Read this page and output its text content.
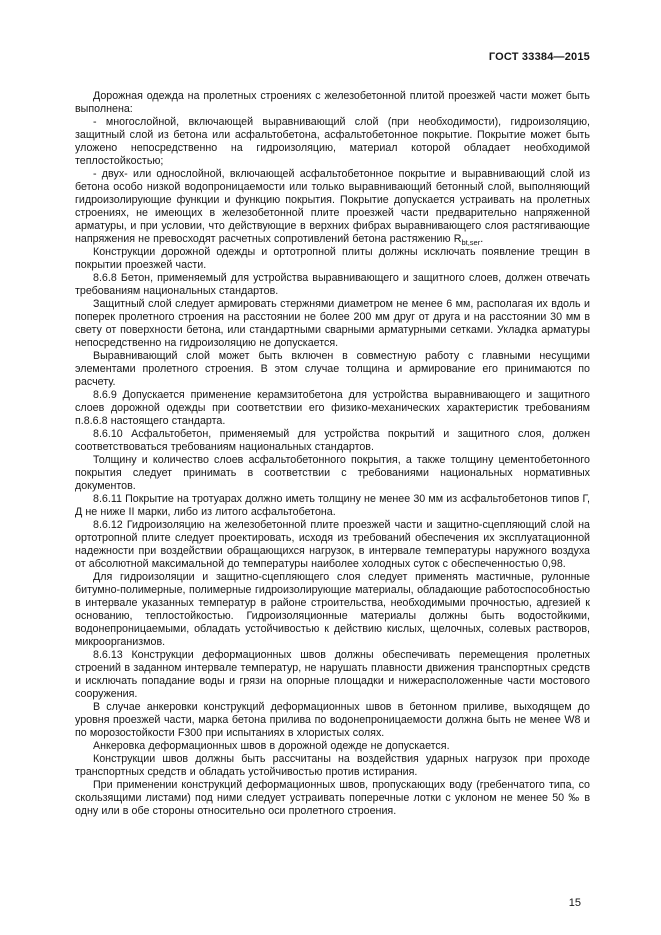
ГОСТ 33384—2015

Дорожная одежда на пролетных строениях с железобетонной плитой проезжей части может быть выполнена:

- многослойной, включающей выравнивающий слой (при необходимости), гидроизоляцию, защитный слой из бетона или асфальтобетона, асфальтобетонное покрытие. Покрытие может быть уложено непосредственно на гидроизоляцию, материал которой обладает необходимой теплостойкостью;

- двух- или однослойной, включающей асфальтобетонное покрытие и выравнивающий слой из бетона особо низкой водопроницаемости или только выравнивающий бетонный слой, выполняющий гидроизолирующие функции и функцию покрытия. Покрытие допускается устраивать на пролетных строениях, не имеющих в железобетонной плите проезжей части предварительно напряженной арматуры, и при условии, что действующие в верхних фибрах выравнивающего слоя растягивающие напряжения не превосходят расчетных сопротивлений бетона растяжению $R_{bt,ser}$.

Конструкции дорожной одежды и ортотропной плиты должны исключать появление трещин в покрытии проезжей части.

8.6.8 Бетон, применяемый для устройства выравнивающего и защитного слоев, должен отвечать требованиям национальных стандартов.

Защитный слой следует армировать стержнями диаметром не менее 6 мм, располагая их вдоль и поперек пролетного строения на расстоянии не более 200 мм друг от друга и на расстоянии 30 мм в свету от поверхности бетона, или стандартными сварными арматурными сетками. Укладка арматуры непосредственно на гидроизоляцию не допускается.

Выравнивающий слой может быть включен в совместную работу с главными несущими элементами пролетного строения. В этом случае толщина и армирование его принимаются по расчету.

8.6.9 Допускается применение керамзитобетона для устройства выравнивающего и защитного слоев дорожной одежды при соответствии его физико-механических характеристик требованиям п.8.6.8 настоящего стандарта.

8.6.10 Асфальтобетон, применяемый для устройства покрытий и защитного слоя, должен соответствоваться требованиям национальных стандартов.

Толщину и количество слоев асфальтобетонного покрытия, а также толщину цементобетонного покрытия следует принимать в соответствии с требованиями национальных нормативных документов.

8.6.11 Покрытие на тротуарах должно иметь толщину не менее 30 мм из асфальтобетонов типов Г, Д не ниже II марки, либо из литого асфальтобетона.

8.6.12 Гидроизоляцию на железобетонной плите проезжей части и защитно-сцепляющий слой на ортотропной плите следует проектировать, исходя из требований обеспечения их эксплуатационной надежности при воздействии обращающихся нагрузок, в интервале температуры наружного воздуха от абсолютной максимальной до температуры наиболее холодных суток с обеспеченностью 0,98.

Для гидроизоляции и защитно-сцепляющего слоя следует применять мастичные, рулонные битумно-полимерные, полимерные гидроизолирующие материалы, обладающие работоспособностью в интервале указанных температур в районе строительства, необходимыми прочностью, адгезией к основанию, теплостойкостью. Гидроизоляционные материалы должны быть водостойкими, водонепроницаемыми, обладать устойчивостью к действию кислых, щелочных, солевых растворов, микроорганизмов.

8.6.13 Конструкции деформационных швов должны обеспечивать перемещения пролетных строений в заданном интервале температур, не нарушать плавности движения транспортных средств и исключать попадание воды и грязи на опорные площадки и нижерасположенные части мостового сооружения.

В случае анкеровки конструкций деформационных швов в бетонном приливе, выходящем до уровня проезжей части, марка бетона прилива по водонепроницаемости должна быть не менее W8 и по морозостойкости F300 при испытаниях в хлористых солях.

Анкеровка деформационных швов в дорожной одежде не допускается.

Конструкции швов должны быть рассчитаны на воздействия ударных нагрузок при проходе транспортных средств и обладать устойчивостью против истирания.

При применении конструкций деформационных швов, пропускающих воду (гребенчатого типа, со скользящими листами) под ними следует устраивать поперечные лотки с уклоном не менее 50 ‰ в одну или в обе стороны относительно оси пролетного строения.

15
